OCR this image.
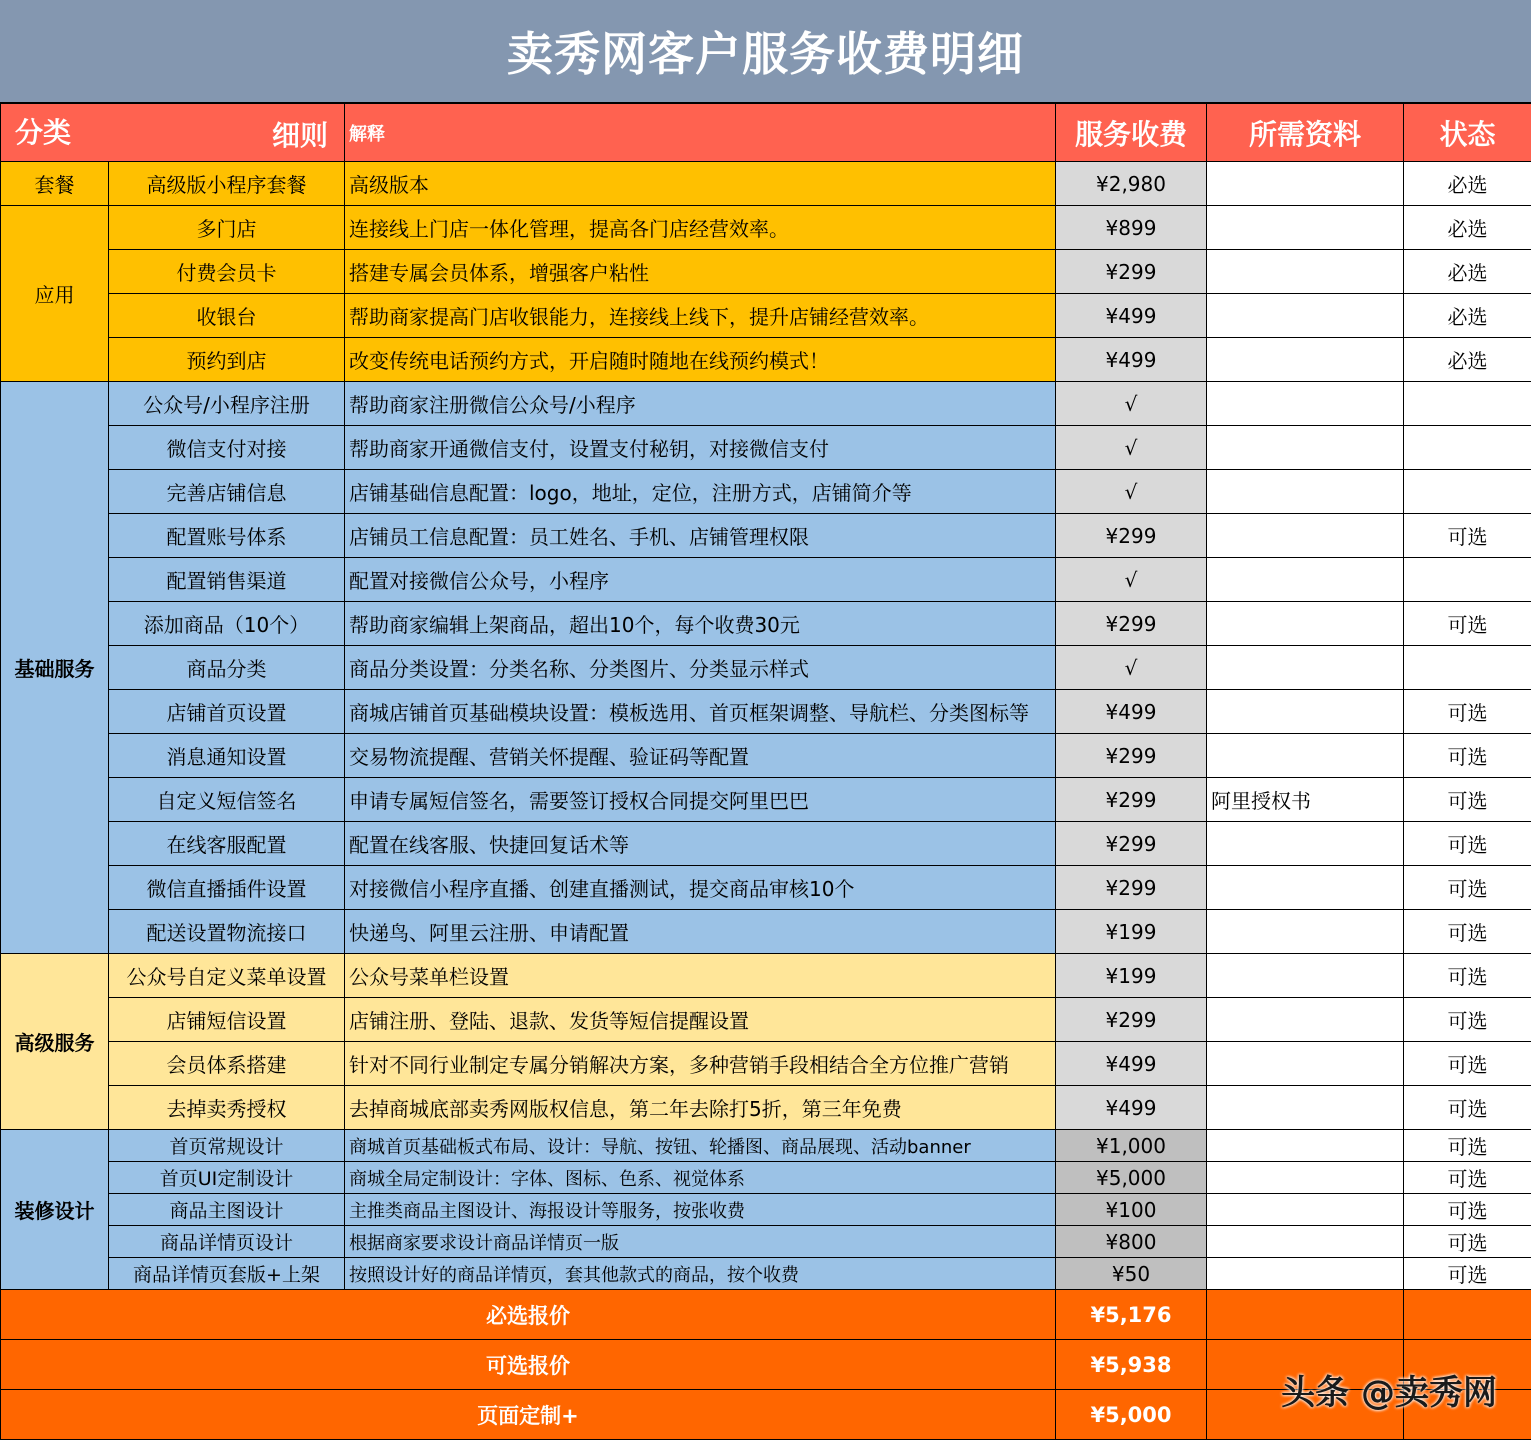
卖秀网客户服务收费明细
分类 细则		解释	服务收费	所需资料	状态
套餐	高级版小程序套餐	高级版本	¥2,980		必选
应用	多门店	连接线上门店一体化管理，提高各门店经营效率。	¥899		必选
	付费会员卡	搭建专属会员体系，增强客户粘性	¥299		必选
	收银台	帮助商家提高门店收银能力，连接线上线下，提升店铺经营效率。	¥499		必选
	预约到店	改变传统电话预约方式，开启随时随地在线预约模式！	¥499		必选
基础服务	公众号/小程序注册	帮助商家注册微信公众号/小程序	√		
	微信支付对接	帮助商家开通微信支付，设置支付秘钥，对接微信支付	√		
	完善店铺信息	店铺基础信息配置：logo，地址，定位，注册方式，店铺简介等	√		
	配置账号体系	店铺员工信息配置：员工姓名、手机、店铺管理权限	¥299		可选
	配置销售渠道	配置对接微信公众号，小程序	√		
	添加商品（10个）	帮助商家编辑上架商品，超出10个，每个收费30元	¥299		可选
	商品分类	商品分类设置：分类名称、分类图片、分类显示样式	√		
	店铺首页设置	商城店铺首页基础模块设置：模板选用、首页框架调整、导航栏、分类图标等	¥499		可选
	消息通知设置	交易物流提醒、营销关怀提醒、验证码等配置	¥299		可选
	自定义短信签名	申请专属短信签名，需要签订授权合同提交阿里巴巴	¥299	阿里授权书	可选
	在线客服配置	配置在线客服、快捷回复话术等	¥299		可选
	微信直播插件设置	对接微信小程序直播、创建直播测试，提交商品审核10个	¥299		可选
	配送设置物流接口	快递鸟、阿里云注册、申请配置	¥199		可选
高级服务	公众号自定义菜单设置	公众号菜单栏设置	¥199		可选
	店铺短信设置	店铺注册、登陆、退款、发货等短信提醒设置	¥299		可选
	会员体系搭建	针对不同行业制定专属分销解决方案，多种营销手段相结合全方位推广营销	¥499		可选
	去掉卖秀授权	去掉商城底部卖秀网版权信息，第二年去除打5折，第三年免费	¥499		可选
装修设计	首页常规设计	商城首页基础板式布局、设计：导航、按钮、轮播图、商品展现、活动banner	¥1,000		可选
	首页UI定制设计	商城全局定制设计：字体、图标、色系、视觉体系	¥5,000		可选
	商品主图设计	主推类商品主图设计、海报设计等服务，按张收费	¥100		可选
	商品详情页设计	根据商家要求设计商品详情页一版	¥800		可选
	商品详情页套版+上架	按照设计好的商品详情页，套其他款式的商品，按个收费	¥50		可选
必选报价			¥5,176		
可选报价			¥5,938		
页面定制+			¥5,000		
头条 @卖秀网
